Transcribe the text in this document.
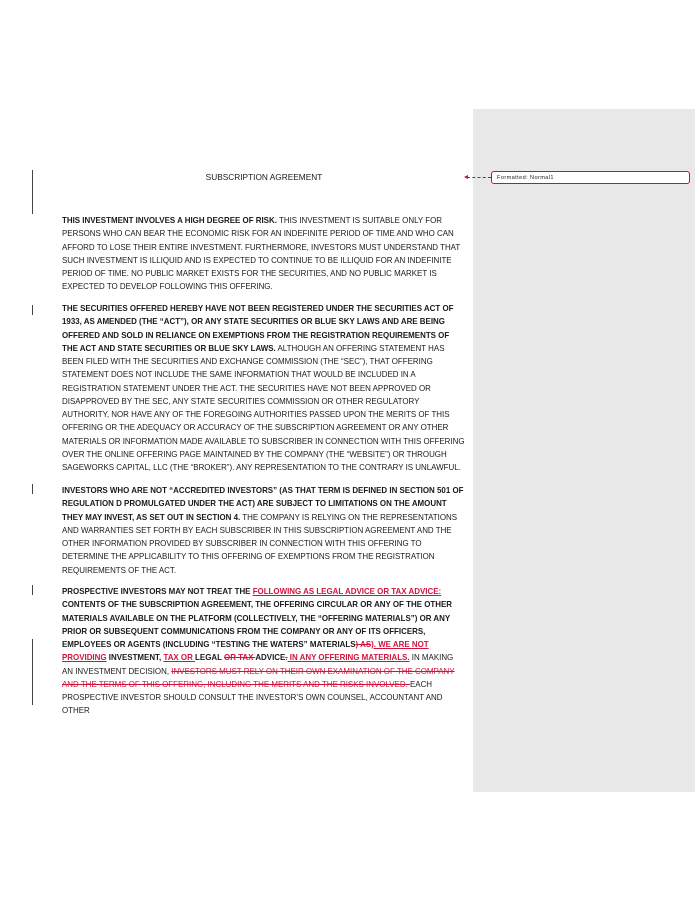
Formatted: Normal1
SUBSCRIPTION AGREEMENT
THIS INVESTMENT INVOLVES A HIGH DEGREE OF RISK. THIS INVESTMENT IS SUITABLE ONLY FOR PERSONS WHO CAN BEAR THE ECONOMIC RISK FOR AN INDEFINITE PERIOD OF TIME AND WHO CAN AFFORD TO LOSE THEIR ENTIRE INVESTMENT. FURTHERMORE, INVESTORS MUST UNDERSTAND THAT SUCH INVESTMENT IS ILLIQUID AND IS EXPECTED TO CONTINUE TO BE ILLIQUID FOR AN INDEFINITE PERIOD OF TIME. NO PUBLIC MARKET EXISTS FOR THE SECURITIES, AND NO PUBLIC MARKET IS EXPECTED TO DEVELOP FOLLOWING THIS OFFERING.
THE SECURITIES OFFERED HEREBY HAVE NOT BEEN REGISTERED UNDER THE SECURITIES ACT OF 1933, AS AMENDED (THE “ACT”), OR ANY STATE SECURITIES OR BLUE SKY LAWS AND ARE BEING OFFERED AND SOLD IN RELIANCE ON EXEMPTIONS FROM THE REGISTRATION REQUIREMENTS OF THE ACT AND STATE SECURITIES OR BLUE SKY LAWS. ALTHOUGH AN OFFERING STATEMENT HAS BEEN FILED WITH THE SECURITIES AND EXCHANGE COMMISSION (THE “SEC”), THAT OFFERING STATEMENT DOES NOT INCLUDE THE SAME INFORMATION THAT WOULD BE INCLUDED IN A REGISTRATION STATEMENT UNDER THE ACT. THE SECURITIES HAVE NOT BEEN APPROVED OR DISAPPROVED BY THE SEC, ANY STATE SECURITIES COMMISSION OR OTHER REGULATORY AUTHORITY, NOR HAVE ANY OF THE FOREGOING AUTHORITIES PASSED UPON THE MERITS OF THIS OFFERING OR THE ADEQUACY OR ACCURACY OF THE SUBSCRIPTION AGREEMENT OR ANY OTHER MATERIALS OR INFORMATION MADE AVAILABLE TO SUBSCRIBER IN CONNECTION WITH THIS OFFERING OVER THE ONLINE OFFERING PAGE MAINTAINED BY THE COMPANY (THE “WEBSITE”) OR THROUGH SAGEWORKS CAPITAL, LLC (THE “BROKER”). ANY REPRESENTATION TO THE CONTRARY IS UNLAWFUL.
INVESTORS WHO ARE NOT “ACCREDITED INVESTORS” (AS THAT TERM IS DEFINED IN SECTION 501 OF REGULATION D PROMULGATED UNDER THE ACT) ARE SUBJECT TO LIMITATIONS ON THE AMOUNT THEY MAY INVEST, AS SET OUT IN SECTION 4. THE COMPANY IS RELYING ON THE REPRESENTATIONS AND WARRANTIES SET FORTH BY EACH SUBSCRIBER IN THIS SUBSCRIPTION AGREEMENT AND THE OTHER INFORMATION PROVIDED BY SUBSCRIBER IN CONNECTION WITH THIS OFFERING TO DETERMINE THE APPLICABILITY TO THIS OFFERING OF EXEMPTIONS FROM THE REGISTRATION REQUIREMENTS OF THE ACT.
PROSPECTIVE INVESTORS MAY NOT TREAT THE FOLLOWING AS LEGAL ADVICE OR TAX ADVICE: CONTENTS OF THE SUBSCRIPTION AGREEMENT, THE OFFERING CIRCULAR OR ANY OF THE OTHER MATERIALS AVAILABLE ON THE PLATFORM (COLLECTIVELY, THE “OFFERING MATERIALS”) OR ANY PRIOR OR SUBSEQUENT COMMUNICATIONS FROM THE COMPANY OR ANY OF ITS OFFICERS, EMPLOYEES OR AGENTS (INCLUDING “TESTING THE WATERS” MATERIALS) AS). WE ARE NOT PROVIDING INVESTMENT, TAX OR LEGAL OR TAX ADVICE. IN ANY OFFERING MATERIALS. IN MAKING AN INVESTMENT DECISION, INVESTORS MUST RELY ON THEIR OWN EXAMINATION OF THE COMPANY AND THE TERMS OF THIS OFFERING, INCLUDING THE MERITS AND THE RISKS INVOLVED. EACH PROSPECTIVE INVESTOR SHOULD CONSULT THE INVESTOR’S OWN COUNSEL, ACCOUNTANT AND OTHER
